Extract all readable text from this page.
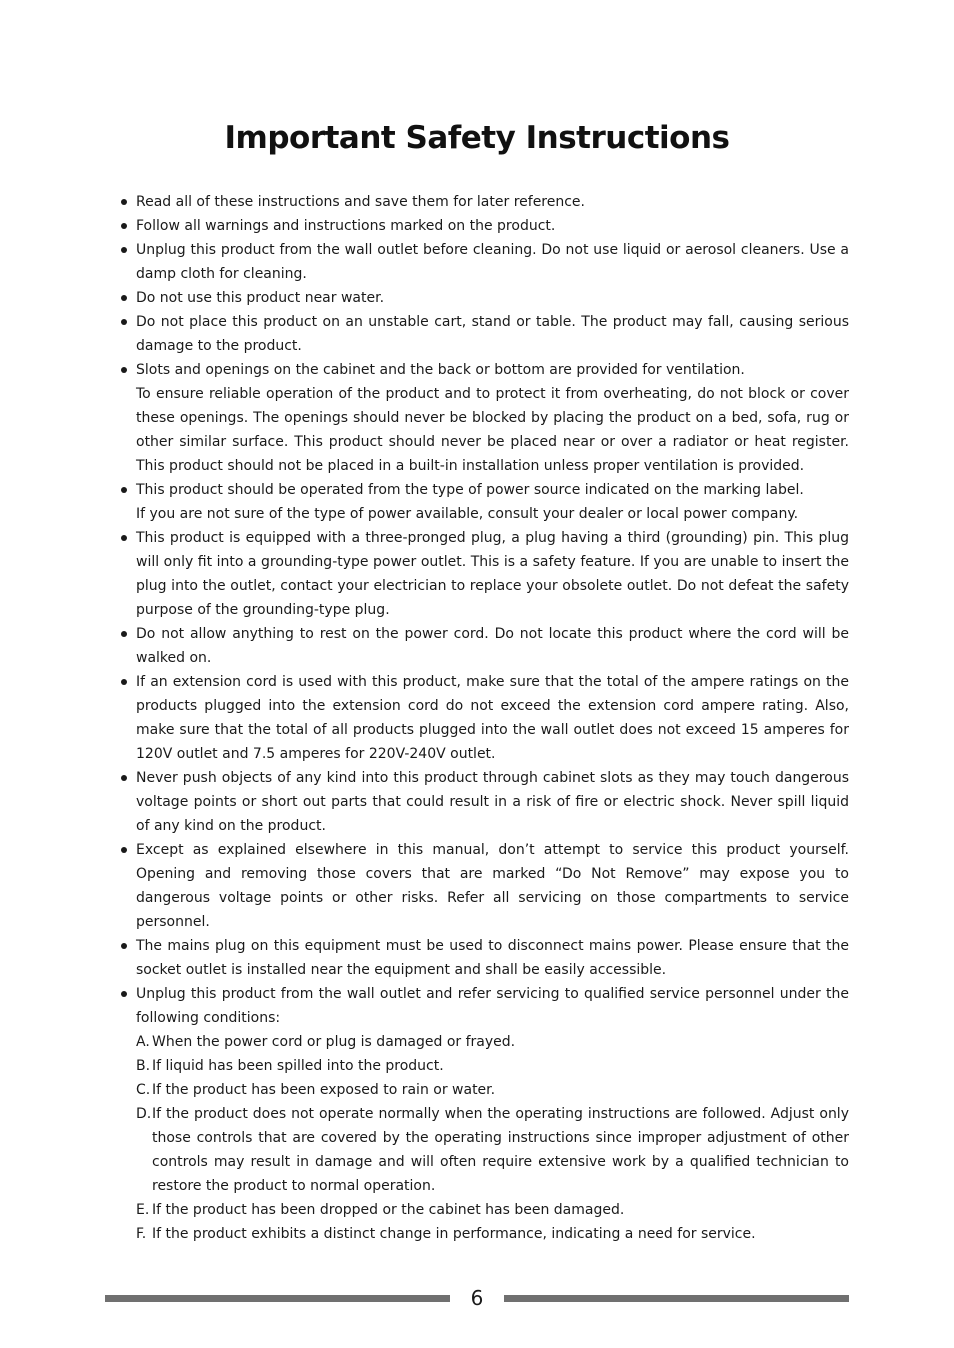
Important Safety Instructions
Read all of these instructions and save them for later reference.
Follow all warnings and instructions marked on the product.
Unplug this product from the wall outlet before cleaning. Do not use liquid or aerosol cleaners. Use a damp cloth for cleaning.
Do not use this product near water.
Do not place this product on an unstable cart, stand or table. The product may fall, causing serious damage to the product.
Slots and openings on the cabinet and the back or bottom are provided for ventilation.
To ensure reliable operation of the product and to protect it from overheating, do not block or cover these openings. The openings should never be blocked by placing the product on a bed, sofa, rug or other similar surface. This product should never be placed near or over a radiator or heat register. This product should not be placed in a built-in installation unless proper ventilation is provided.
This product should be operated from the type of power source indicated on the marking label.
If you are not sure of the type of power available, consult your dealer or local power company.
This product is equipped with a three-pronged plug, a plug having a third (grounding) pin. This plug will only fit into a grounding-type power outlet. This is a safety feature. If you are unable to insert the plug into the outlet, contact your electrician to replace your obsolete outlet. Do not defeat the safety purpose of the grounding-type plug.
Do not allow anything to rest on the power cord. Do not locate this product where the cord will be walked on.
If an extension cord is used with this product, make sure that the total of the ampere ratings on the products plugged into the extension cord do not exceed the extension cord ampere rating. Also, make sure that the total of all products plugged into the wall outlet does not exceed 15 amperes for 120V outlet and 7.5 amperes for 220V-240V outlet.
Never push objects of any kind into this product through cabinet slots as they may touch dangerous voltage points or short out parts that could result in a risk of fire or electric shock. Never spill liquid of any kind on the product.
Except as explained elsewhere in this manual, don’t attempt to service this product yourself. Opening and removing those covers that are marked “Do Not Remove” may expose you to dangerous voltage points or other risks. Refer all servicing on those compartments to service personnel.
The mains plug on this equipment must be used to disconnect mains power. Please ensure that the socket outlet is installed near the equipment and shall be easily accessible.
Unplug this product from the wall outlet and refer servicing to qualified service personnel under the following conditions:
A. When the power cord or plug is damaged or frayed.
B. If liquid has been spilled into the product.
C. If the product has been exposed to rain or water.
D. If the product does not operate normally when the operating instructions are followed. Adjust only those controls that are covered by the operating instructions since improper adjustment of other controls may result in damage and will often require extensive work by a qualified technician to restore the product to normal operation.
E. If the product has been dropped or the cabinet has been damaged.
F. If the product exhibits a distinct change in performance, indicating a need for service.
6
